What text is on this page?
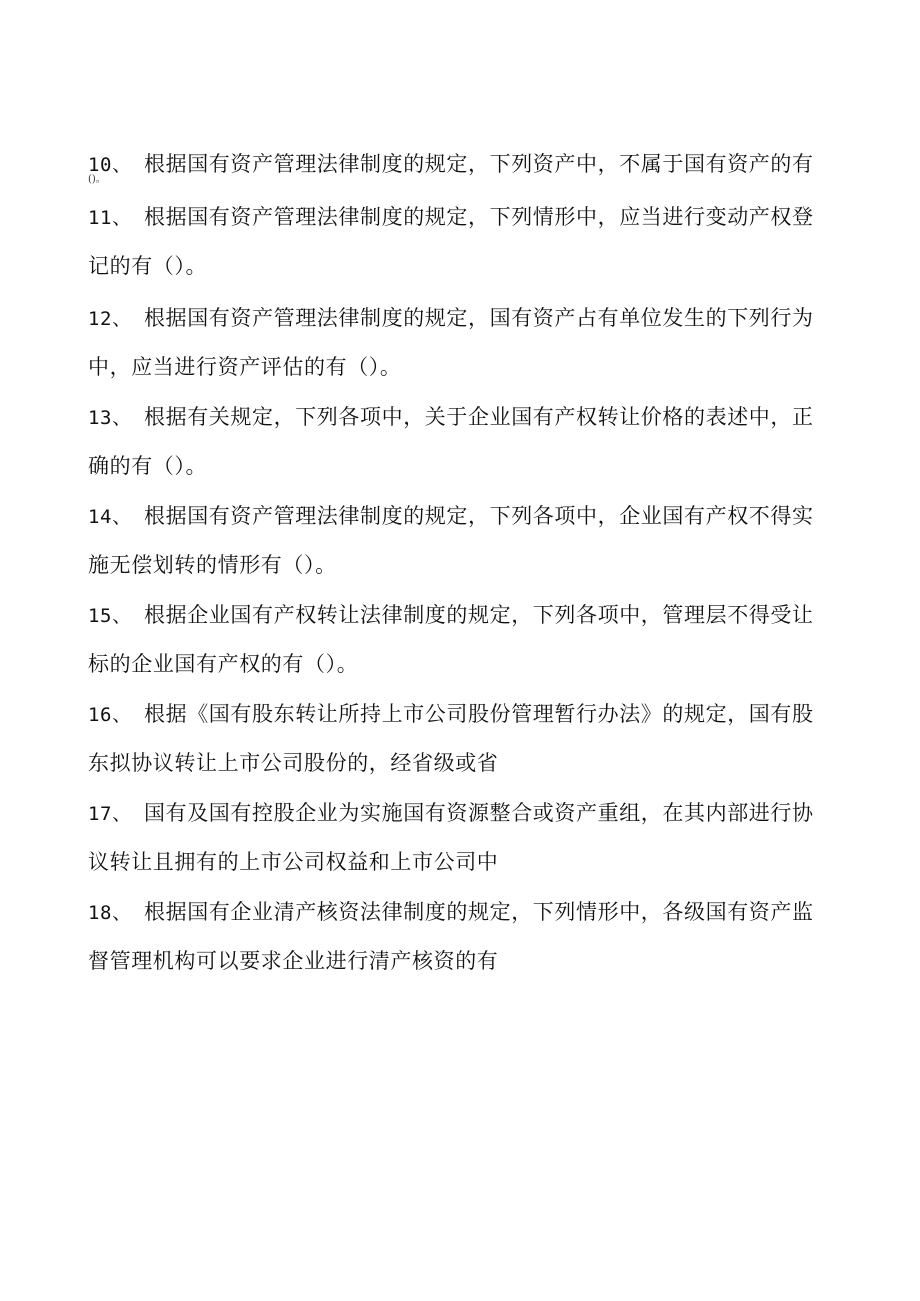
10、 根据国有资产管理法律制度的规定，下列资产中，不属于国有资产的有
()。
11、 根据国有资产管理法律制度的规定，下列情形中，应当进行变动产权登记的有（）。
12、 根据国有资产管理法律制度的规定，国有资产占有单位发生的下列行为中，应当进行资产评估的有（）。
13、 根据有关规定，下列各项中，关于企业国有产权转让价格的表述中，正确的有（）。
14、 根据国有资产管理法律制度的规定，下列各项中，企业国有产权不得实施无偿划转的情形有（）。
15、 根据企业国有产权转让法律制度的规定，下列各项中，管理层不得受让标的企业国有产权的有（）。
16、 根据《国有股东转让所持上市公司股份管理暂行办法》的规定，国有股东拟协议转让上市公司股份的，经省级或省
17、 国有及国有控股企业为实施国有资源整合或资产重组，在其内部进行协议转让且拥有的上市公司权益和上市公司中
18、 根据国有企业清产核资法律制度的规定，下列情形中，各级国有资产监督管理机构可以要求企业进行清产核资的有
